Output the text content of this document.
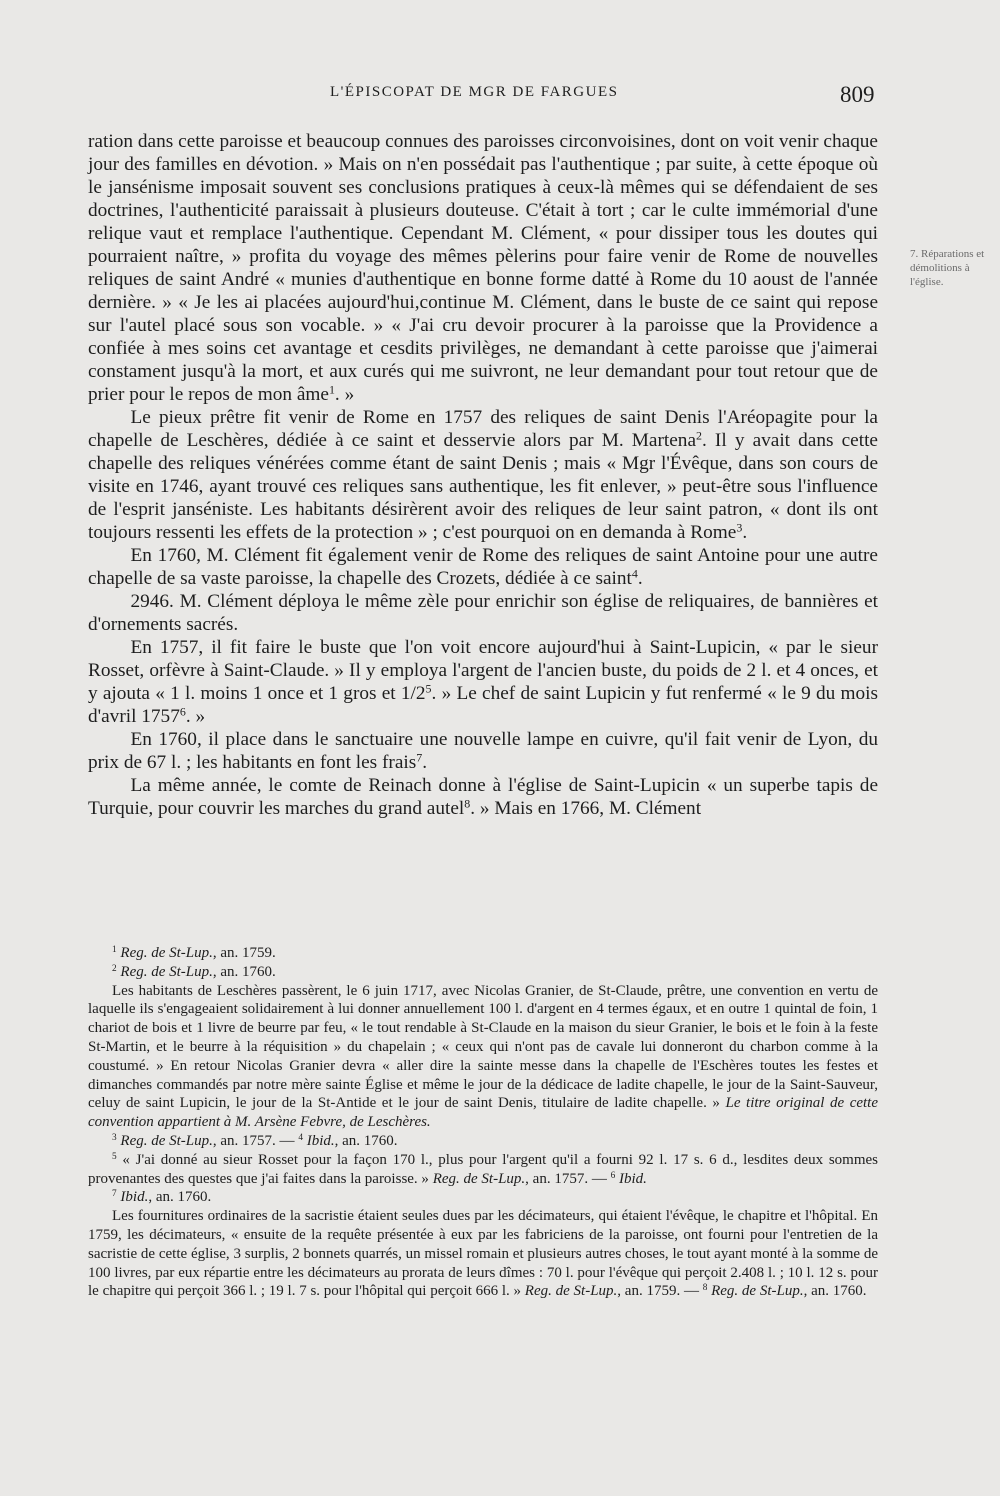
L'ÉPISCOPAT DE MGR DE FARGUES	809
7. Réparations et démolitions à l'église.

ration dans cette paroisse et beaucoup connues des paroisses circonvoisines, dont on voit venir chaque jour des familles en dévotion. » Mais on n'en possédait pas l'authentique ; par suite, à cette époque où le jansénisme imposait souvent ses conclusions pratiques à ceux-là mêmes qui se défendaient de ses doctrines, l'authenticité paraissait à plusieurs douteuse. C'était à tort ; car le culte immémorial d'une relique vaut et remplace l'authentique. Cependant M. Clément, « pour dissiper tous les doutes qui pourraient naître, » profita du voyage des mêmes pèlerins pour faire venir de Rome de nouvelles reliques de saint André « munies d'authentique en bonne forme datté à Rome du 10 aoust de l'année dernière. » « Je les ai placées aujourd'hui,continue M. Clément, dans le buste de ce saint qui repose sur l'autel placé sous son vocable. » « J'ai cru devoir procurer à la paroisse que la Providence a confiée à mes soins cet avantage et cesdits privilèges, ne demandant à cette paroisse que j'aimerai constament jusqu'à la mort, et aux curés qui me suivront, ne leur demandant pour tout retour que de prier pour le repos de mon âme$^1$. »

Le pieux prêtre fit venir de Rome en 1757 des reliques de saint Denis l'Aréopagite pour la chapelle de Leschères, dédiée à ce saint et desservie alors par M. Martena$^2$. Il y avait dans cette chapelle des reliques vénérées comme étant de saint Denis ; mais « Mgr l'Évêque, dans son cours de visite en 1746, ayant trouvé ces reliques sans authentique, les fit enlever, » peut-être sous l'influence de l'esprit janséniste. Les habitants désirèrent avoir des reliques de leur saint patron, « dont ils ont toujours ressenti les effets de la protection » ; c'est pourquoi on en demanda à Rome$^3$.

En 1760, M. Clément fit également venir de Rome des reliques de saint Antoine pour une autre chapelle de sa vaste paroisse, la chapelle des Crozets, dédiée à ce saint$^4$.

2946. M. Clément déploya le même zèle pour enrichir son église de reliquaires, de bannières et d'ornements sacrés.

En 1757, il fit faire le buste que l'on voit encore aujourd'hui à Saint-Lupicin, « par le sieur Rosset, orfèvre à Saint-Claude. » Il y employa l'argent de l'ancien buste, du poids de 2 l. et 4 onces, et y ajouta « 1 l. moins 1 once et 1 gros et $1/2^5$. » Le chef de saint Lupicin y fut renfermé « le 9 du mois d'avril 1757$^6$. »

En 1760, il place dans le sanctuaire une nouvelle lampe en cuivre, qu'il fait venir de Lyon, du prix de 67 l. ; les habitants en font les frais$^7$.

La même année, le comte de Reinach donne à l'église de Saint-Lupicin « un superbe tapis de Turquie, pour couvrir les marches du grand autel$^8$. » Mais en 1766, M. Clément

$^1$ Reg. de St-Lup., an. 1759.

$^2$ Reg. de St-Lup., an. 1760.

Les habitants de Leschères passèrent, le 6 juin 1717, avec Nicolas Granier, de St-Claude, prêtre, une convention en vertu de laquelle ils s'engageaient solidairement à lui donner annuellement 100 l. d'argent en 4 termes égaux, et en outre 1 quintal de foin, 1 chariot de bois et 1 livre de beurre par feu, « le tout rendable à St-Claude en la maison du sieur Granier, le bois et le foin à la feste St-Martin, et le beurre à la réquisition » du chapelain ; « ceux qui n'ont pas de cavale lui donneront du charbon comme à la coustumé. » En retour Nicolas Granier devra « aller dire la sainte messe dans la chapelle de l'Eschères toutes les festes et dimanches commandés par notre mère sainte Église et même le jour de la dédicace de ladite chapelle, le jour de la Saint-Sauveur, celuy de saint Lupicin, le jour de la St-Antide et le jour de saint Denis, titulaire de ladite chapelle. » Le titre original de cette convention appartient à M. Arsène Febvre, de Leschères.

$^3$ Reg. de St-Lup., an. 1757. — $^4$ Ibid., an. 1760.

$^5$ « J'ai donné au sieur Rosset pour la façon 170 l., plus pour l'argent qu'il a fourni 92 l. 17 s. 6 d., lesdites deux sommes provenantes des questes que j'ai faites dans la paroisse. » Reg. de St-Lup., an. 1757. — $^6$ Ibid.

$^7$ Ibid., an. 1760.

Les fournitures ordinaires de la sacristie étaient seules dues par les décimateurs, qui étaient l'évêque, le chapitre et l'hôpital. En 1759, les décimateurs, « ensuite de la requête présentée à eux par les fabriciens de la paroisse, ont fourni pour l'entretien de la sacristie de cette église, 3 surplis, 2 bonnets quarrés, un missel romain et plusieurs autres choses, le tout ayant monté à la somme de 100 livres, par eux répartie entre les décimateurs au prorata de leurs dîmes : 70 l. pour l'évêque qui perçoit 2.408 l. ; 10 l. 12 s. pour le chapitre qui perçoit 366 l. ; 19 l. 7 s. pour l'hôpital qui perçoit 666 l. » Reg. de St-Lup., an. 1759. — $^8$ Reg. de St-Lup., an. 1760.
